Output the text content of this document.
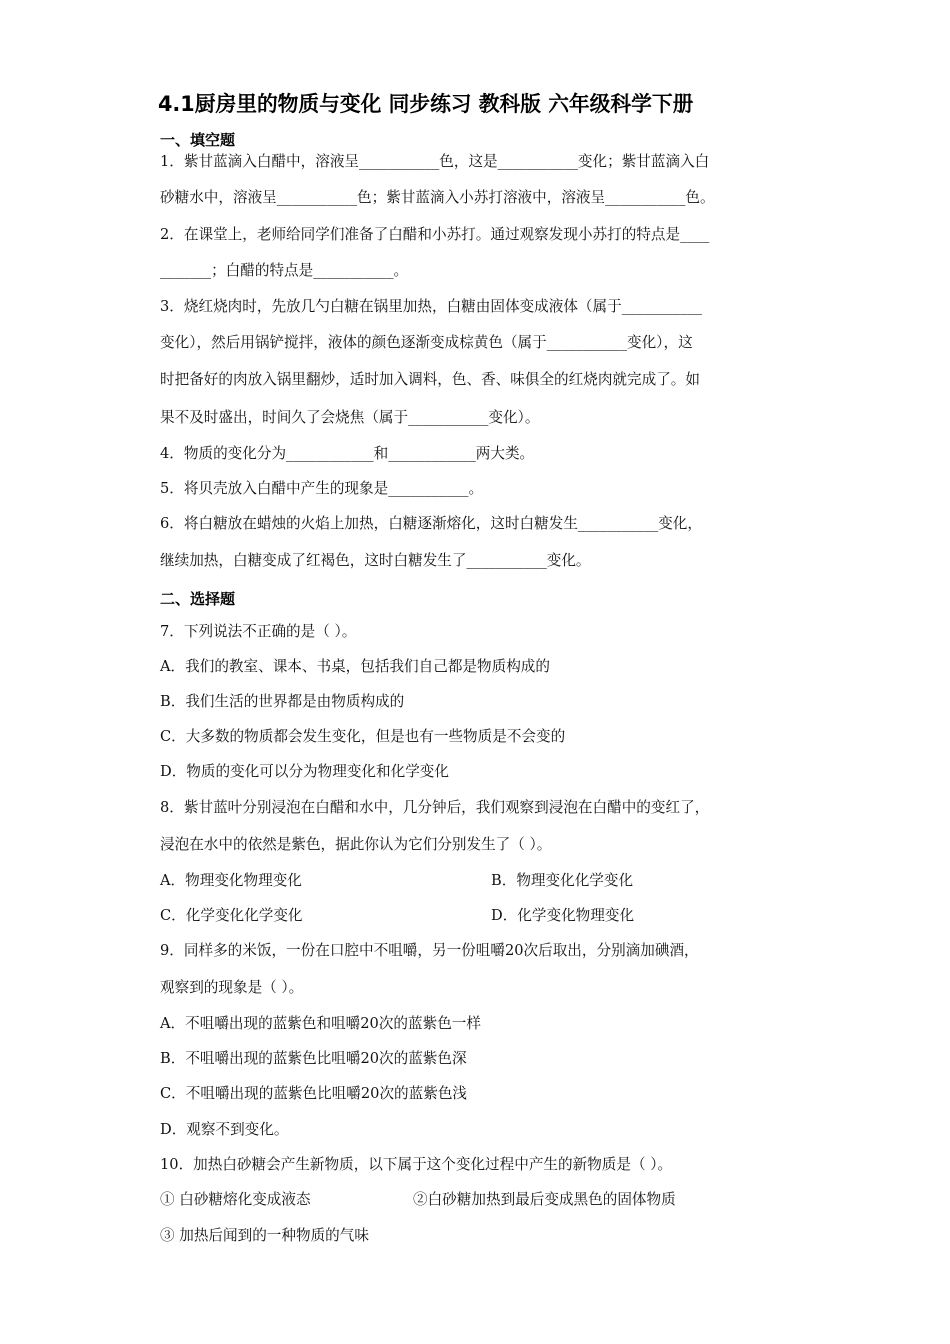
4.1厨房里的物质与变化 同步练习 教科版 六年级科学下册
一、填空题
1．紫甘蓝滴入白醋中，溶液呈___________色，这是___________变化；紫甘蓝滴入白
砂糖水中，溶液呈___________色；紫甘蓝滴入小苏打溶液中，溶液呈___________色。
2．在课堂上，老师给同学们准备了白醋和小苏打。通过观察发现小苏打的特点是____
_______；白醋的特点是___________。
3．烧红烧肉时，先放几勺白糖在锅里加热，白糖由固体变成液体（属于___________
变化），然后用锅铲搅拌，液体的颜色逐渐变成棕黄色（属于___________变化），这
时把备好的肉放入锅里翻炒，适时加入调料，色、香、味俱全的红烧肉就完成了。如
果不及时盛出，时间久了会烧焦（属于___________变化）。
4．物质的变化分为____________和____________两大类。
5．将贝壳放入白醋中产生的现象是___________。
6．将白糖放在蜡烛的火焰上加热，白糖逐渐熔化，这时白糖发生___________变化，
继续加热，白糖变成了红褐色，这时白糖发生了___________变化。
二、选择题
7．下列说法不正确的是（ ）。
A．我们的教室、课本、书桌，包括我们自己都是物质构成的
B．我们生活的世界都是由物质构成的
C．大多数的物质都会发生变化，但是也有一些物质是不会变的
D．物质的变化可以分为物理变化和化学变化
8．紫甘蓝叶分别浸泡在白醋和水中，几分钟后，我们观察到浸泡在白醋中的变红了，
浸泡在水中的依然是紫色，据此你认为它们分别发生了（ ）。
A．物理变化物理变化	B．物理变化化学变化
C．化学变化化学变化	D．化学变化物理变化
9．同样多的米饭，一份在口腔中不咀嚼，另一份咀嚼20次后取出，分别滴加碘酒，
观察到的现象是（ ）。
A．不咀嚼出现的蓝紫色和咀嚼20次的蓝紫色一样
B．不咀嚼出现的蓝紫色比咀嚼20次的蓝紫色深
C．不咀嚼出现的蓝紫色比咀嚼20次的蓝紫色浅
D．观察不到变化。
10．加热白砂糖会产生新物质，以下属于这个变化过程中产生的新物质是（ ）。
① 白砂糖熔化变成液态	②白砂糖加热到最后变成黑色的固体物质
③ 加热后闻到的一种物质的气味
